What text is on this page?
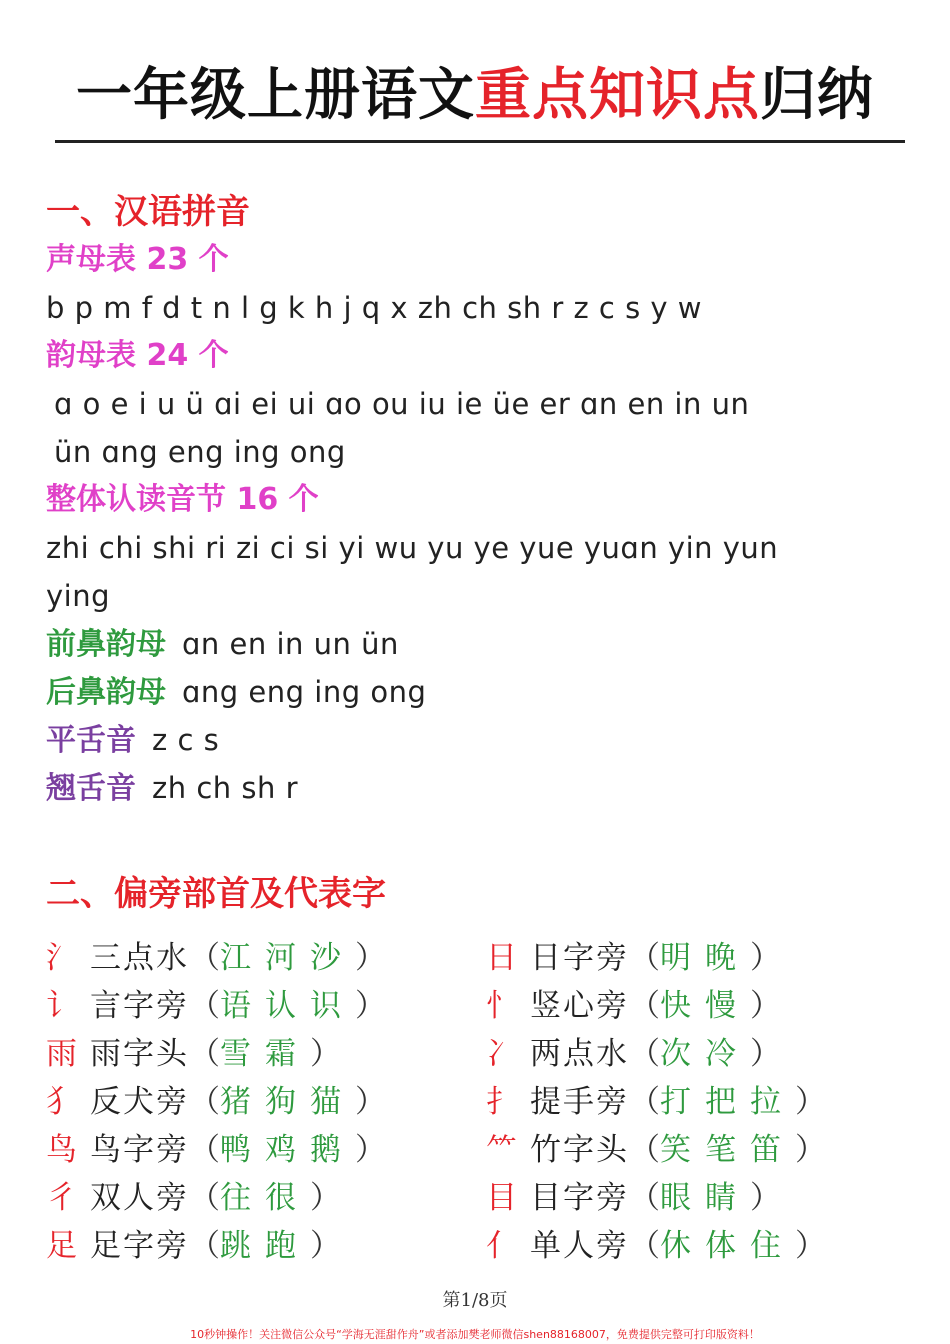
一年级上册语文重点知识点归纳
一、汉语拼音
声母表 23 个
b p m f d t n l g k h j q x zh ch sh r z c s y w
韵母表 24 个
ɑ o e i u ü ɑi ei ui ɑo ou iu ie üe er ɑn en in un
ün ɑng eng ing ong
整体认读音节 16 个
zhi chi shi ri zi ci si yi wu yu ye yue yuɑn yin yun
ying
前鼻韵母 ɑn en in un ün
后鼻韵母 ɑng eng ing ong
平舌音 z c s
翘舌音 zh ch sh r
二、偏旁部首及代表字
氵 三点水（江河沙）
讠 言字旁（语认识）
雨 雨字头（雪霜）
犭 反犬旁（猪狗猫）
鸟 鸟字旁（鸭鸡鹅）
彳 双人旁（往很）
足 足字旁（跳跑）
日 日字旁（明晚）
忄 竖心旁（快慢）
冫 两点水（次冷）
扌 提手旁（打把拉）
⺮ 竹字头（笑笔笛）
目 目字旁（眼睛）
亻 单人旁（休体住）
第1/8页
10秒钟操作！关注微信公众号“学海无涯甜作舟”或者添加樊老师微信shen88168007，免费提供完整可打印版资料！
